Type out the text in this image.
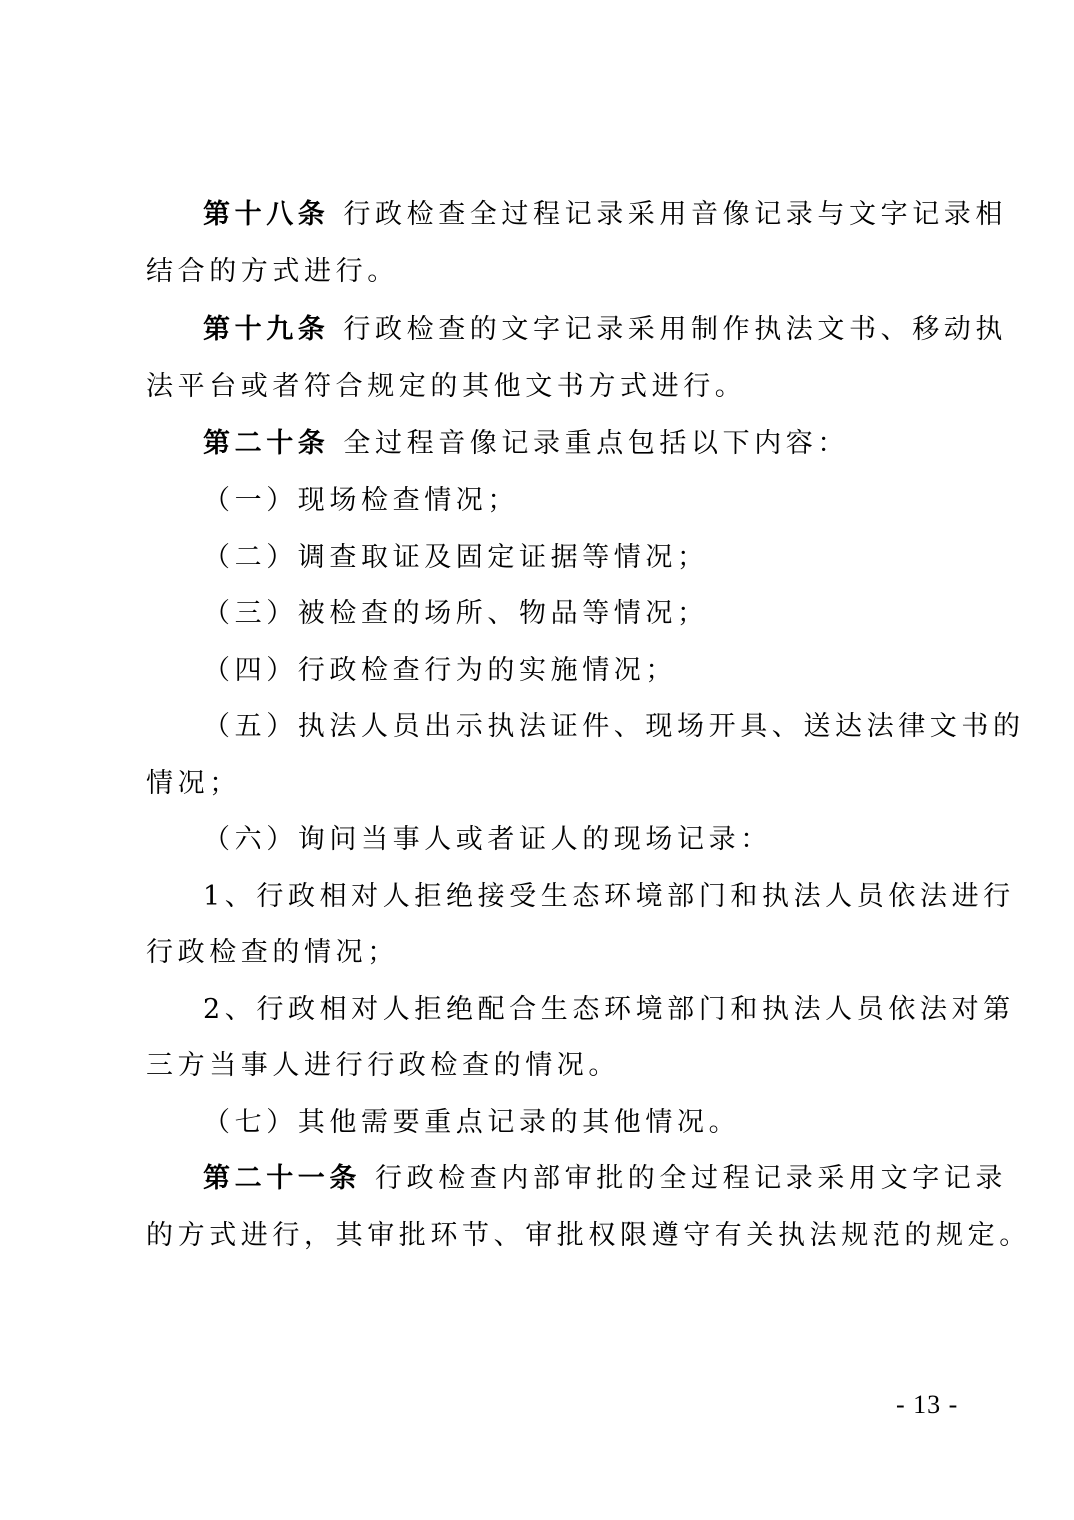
第十八条 行政检查全过程记录采用音像记录与文字记录相
结合的方式进行。
第十九条 行政检查的文字记录采用制作执法文书、移动执
法平台或者符合规定的其他文书方式进行。
第二十条 全过程音像记录重点包括以下内容：
（一）现场检查情况；
（二）调查取证及固定证据等情况；
（三）被检查的场所、物品等情况；
（四）行政检查行为的实施情况；
（五）执法人员出示执法证件、现场开具、送达法律文书的
情况；
（六）询问当事人或者证人的现场记录：
1、行政相对人拒绝接受生态环境部门和执法人员依法进行
行政检查的情况；
2、行政相对人拒绝配合生态环境部门和执法人员依法对第
三方当事人进行行政检查的情况。
（七）其他需要重点记录的其他情况。
第二十一条 行政检查内部审批的全过程记录采用文字记录
的方式进行，其审批环节、审批权限遵守有关执法规范的规定。
- 13 -
